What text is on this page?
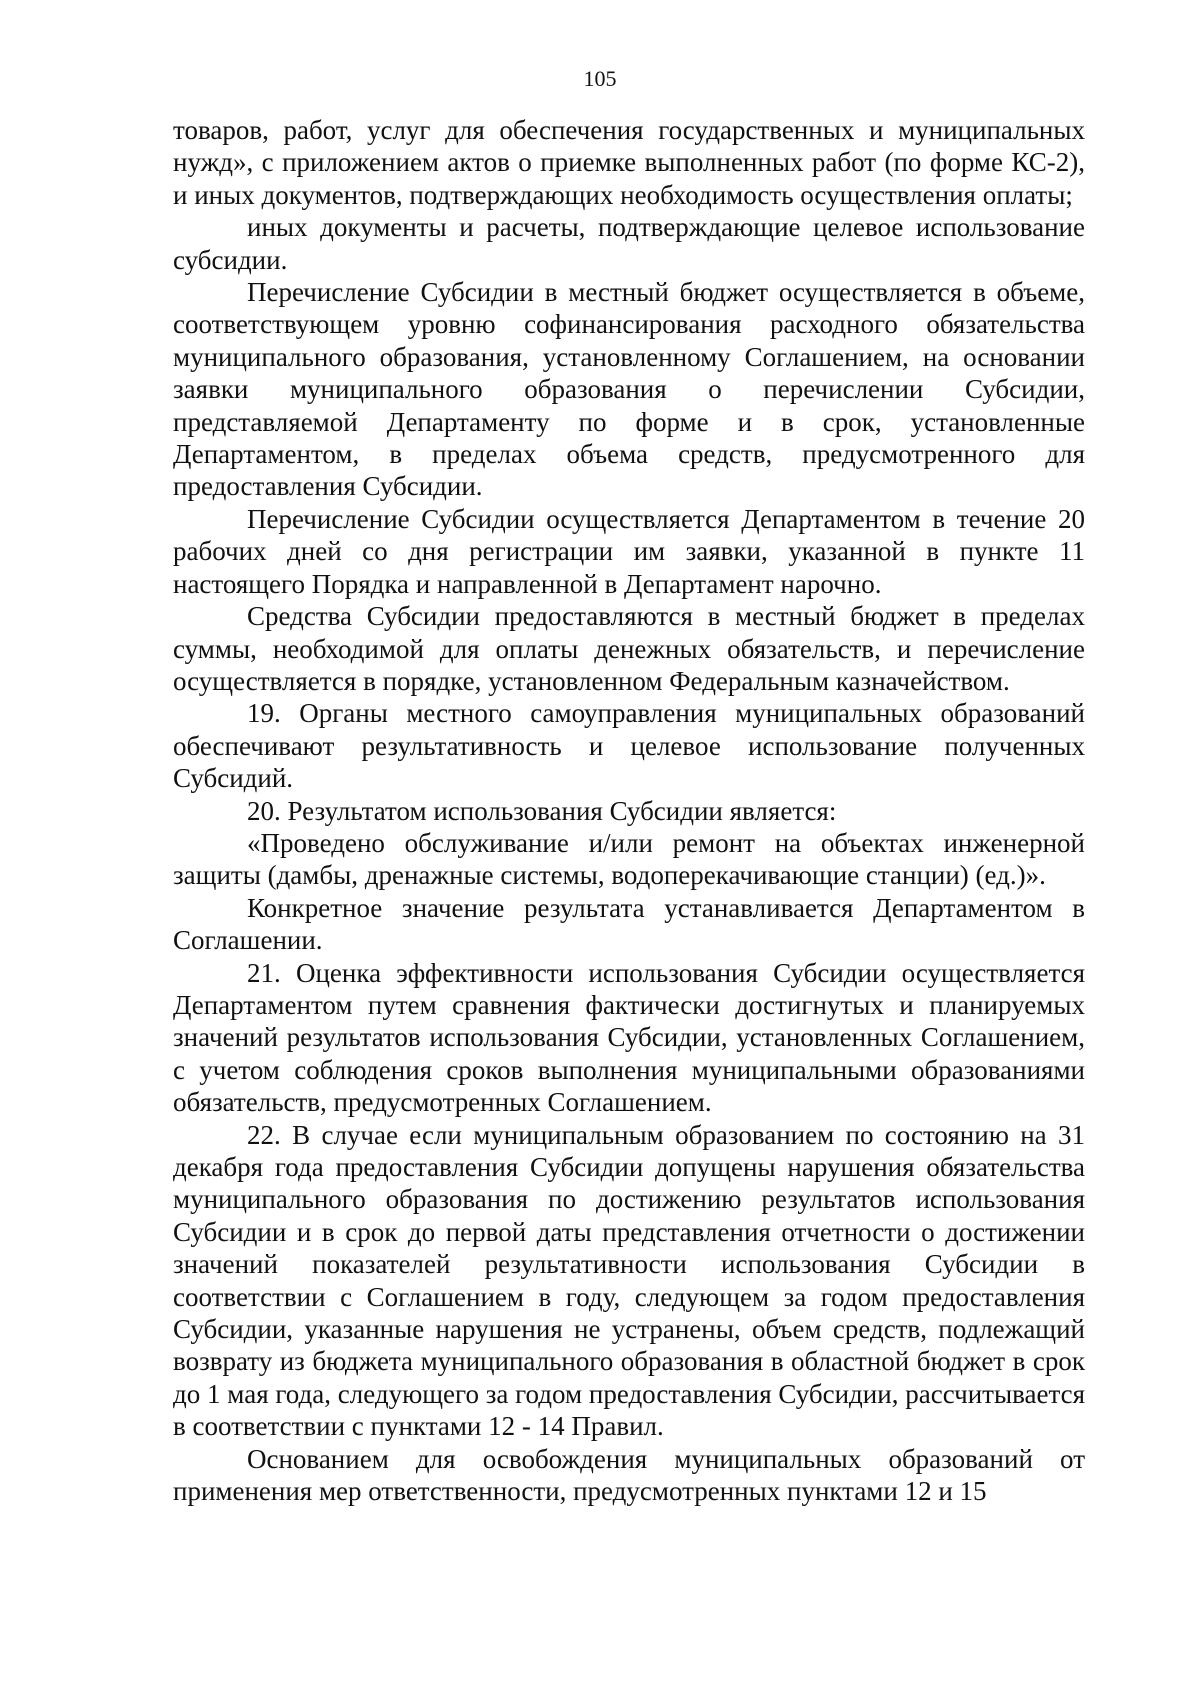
105

товаров, работ, услуг для обеспечения государственных и муниципальных нужд», с приложением актов о приемке выполненных работ (по форме КС-2), и иных документов, подтверждающих необходимость осуществления оплаты;

иных документы и расчеты, подтверждающие целевое использование субсидии.

Перечисление Субсидии в местный бюджет осуществляется в объеме, соответствующем уровню софинансирования расходного обязательства муниципального образования, установленному Соглашением, на основании заявки муниципального образования о перечислении Субсидии, представляемой Департаменту по форме и в срок, установленные Департаментом, в пределах объема средств, предусмотренного для предоставления Субсидии.

Перечисление Субсидии осуществляется Департаментом в течение 20 рабочих дней со дня регистрации им заявки, указанной в пункте 11 настоящего Порядка и направленной в Департамент нарочно.

Средства Субсидии предоставляются в местный бюджет в пределах суммы, необходимой для оплаты денежных обязательств, и перечисление осуществляется в порядке, установленном Федеральным казначейством.

19. Органы местного самоуправления муниципальных образований обеспечивают результативность и целевое использование полученных Субсидий.

20. Результатом использования Субсидии является:

«Проведено обслуживание и/или ремонт на объектах инженерной защиты (дамбы, дренажные системы, водоперекачивающие станции) (ед.)».

Конкретное значение результата устанавливается Департаментом в Соглашении.

21. Оценка эффективности использования Субсидии осуществляется Департаментом путем сравнения фактически достигнутых и планируемых значений результатов использования Субсидии, установленных Соглашением, с учетом соблюдения сроков выполнения муниципальными образованиями обязательств, предусмотренных Соглашением.

22. В случае если муниципальным образованием по состоянию на 31 декабря года предоставления Субсидии допущены нарушения обязательства муниципального образования по достижению результатов использования Субсидии и в срок до первой даты представления отчетности о достижении значений показателей результативности использования Субсидии в соответствии с Соглашением в году, следующем за годом предоставления Субсидии, указанные нарушения не устранены, объем средств, подлежащий возврату из бюджета муниципального образования в областной бюджет в срок до 1 мая года, следующего за годом предоставления Субсидии, рассчитывается в соответствии с пунктами 12 - 14 Правил.

Основанием для освобождения муниципальных образований от применения мер ответственности, предусмотренных пунктами 12 и 15
